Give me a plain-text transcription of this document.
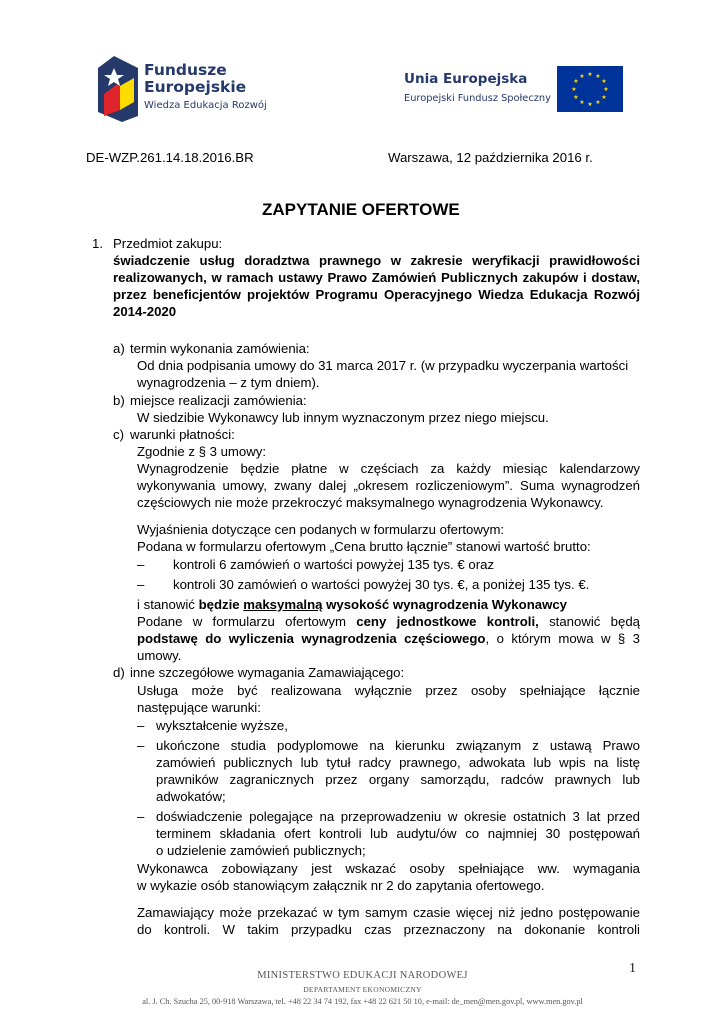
Fundusze
Europejskie
Wiedza Edukacja Rozwój
Unia Europejska
Europejski Fundusz Społeczny
★ ★
★
★
★
★
★
★
★
★
★
★
DE-WZP.261.14.18.2016.BR	Warszawa, 12 października 2016 r.
ZAPYTANIE OFERTOWE
1. Przedmiot zakupu:
świadczenie usług doradztwa prawnego w zakresie weryfikacji prawidłowości
realizowanych, w ramach ustawy Prawo Zamówień Publicznych zakupów i dostaw,
przez beneficjentów projektów Programu Operacyjnego Wiedza Edukacja Rozwój
2014-2020
a) termin wykonania zamówienia:
Od dnia podpisania umowy do 31 marca 2017 r. (w przypadku wyczerpania wartości
wynagrodzenia – z tym dniem).
b) miejsce realizacji zamówienia:
W siedzibie Wykonawcy lub innym wyznaczonym przez niego miejscu.
c) warunki płatności:
Zgodnie z § 3 umowy:
Wynagrodzenie będzie płatne w częściach za każdy miesiąc kalendarzowy
wykonywania umowy, zwany dalej „okresem rozliczeniowym”. Suma wynagrodzeń
częściowych nie może przekroczyć maksymalnego wynagrodzenia Wykonawcy.
Wyjaśnienia dotyczące cen podanych w formularzu ofertowym:
Podana w formularzu ofertowym „Cena brutto łącznie” stanowi wartość brutto:
– kontroli 6 zamówień o wartości powyżej 135 tys. € oraz
– kontroli 30 zamówień o wartości powyżej 30 tys. €, a poniżej 135 tys. €.
i stanowić będzie maksymalną wysokość wynagrodzenia Wykonawcy
Podane w formularzu ofertowym ceny jednostkowe kontroli, stanowić będą
podstawę do wyliczenia wynagrodzenia częściowego, o którym mowa w § 3
umowy.
d) inne szczegółowe wymagania Zamawiającego:
Usługa może być realizowana wyłącznie przez osoby spełniające łącznie
następujące warunki:
– wykształcenie wyższe,
– ukończone studia podyplomowe na kierunku związanym z ustawą Prawo
zamówień publicznych lub tytuł radcy prawnego, adwokata lub wpis na listę
prawników zagranicznych przez organy samorządu, radców prawnych lub
adwokatów;
– doświadczenie polegające na przeprowadzeniu w okresie ostatnich 3 lat przed
terminem składania ofert kontroli lub audytu/ów co najmniej 30 postępowań
o udzielenie zamówień publicznych;
Wykonawca zobowiązany jest wskazać osoby spełniające ww. wymagania
w wykazie osób stanowiącym załącznik nr 2 do zapytania ofertowego.
Zamawiający może przekazać w tym samym czasie więcej niż jedno postępowanie
do kontroli. W takim przypadku czas przeznaczony na dokonanie kontroli
1
MINISTERSTWO EDUKACJI NARODOWEJ
DEPARTAMENT EKONOMICZNY
al. J. Ch. Szucha 25, 00-918 Warszawa, tel. +48 22 34 74 192, fax +48 22 621 50 10, e-mail: de_men@men.gov.pl, www.men.gov.pl
